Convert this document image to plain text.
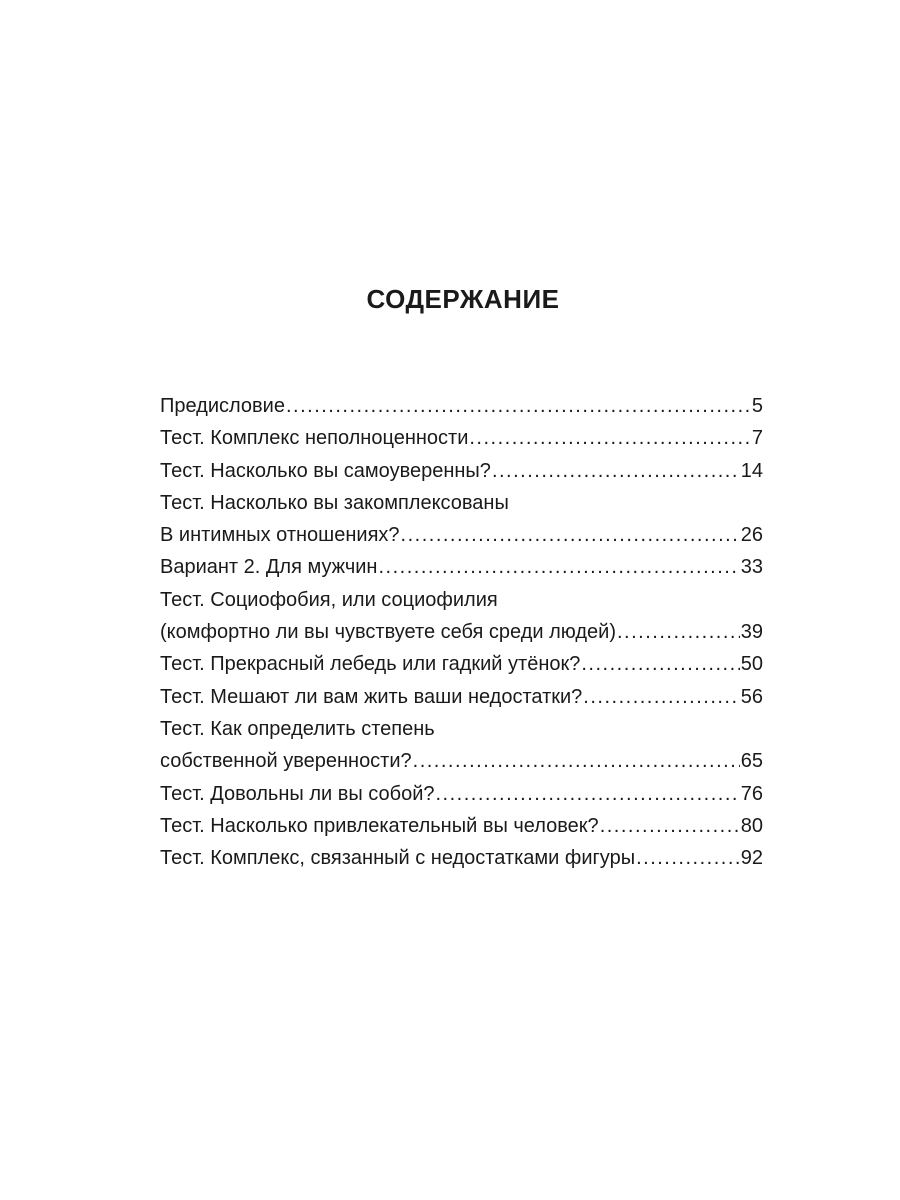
СОДЕРЖАНИЕ
Предисловие .....	5
Тест. Комплекс неполноценности .....	7
Тест. Насколько вы самоуверенны? .....	14
Тест. Насколько вы закомплексованы
В интимных отношениях? .....	26
Вариант 2. Для мужчин .....	33
Тест. Социофобия, или социофилия
(комфортно ли вы чувствуете себя среди людей) .....	39
Тест. Прекрасный лебедь или гадкий утёнок? .....	50
Тест. Мешают ли вам жить ваши недостатки? .....	56
Тест. Как определить степень
собственной уверенности? .....	65
Тест. Довольны ли вы собой? .....	76
Тест. Насколько привлекательный вы человек? .....	80
Тест. Комплекс, связанный с недостатками фигуры .....	92
